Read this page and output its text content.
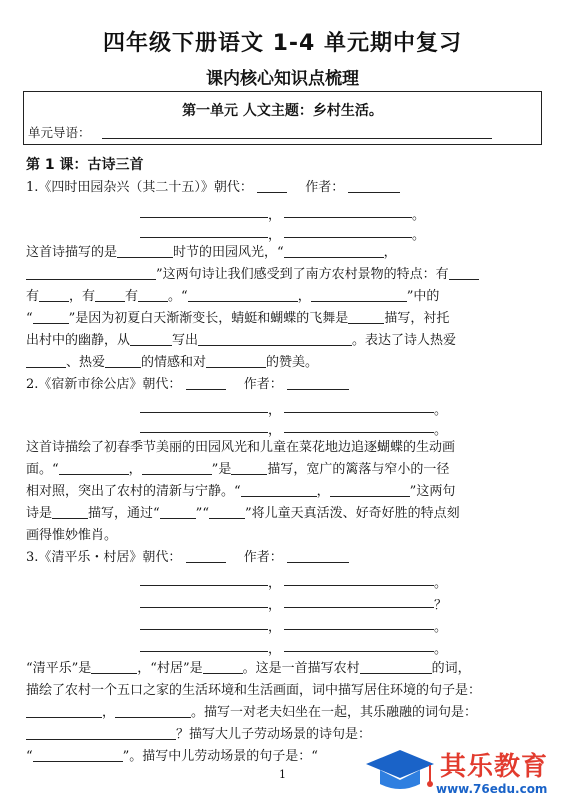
四年级下册语文 1-4 单元期中复习
课内核心知识点梳理
第一单元 人文主题：乡村生活。
单元导语：
第 1 课：古诗三首
1.《四时田园杂兴（其二十五）》朝代：	作者：
，	。
，	。
这首诗描写的是	时节的田园风光，“	，
”这两句诗让我们感受到了南方农村景物的特点：有
有 ，有 有 。“	，	”中的
“	”是因为初夏白天渐渐变长，蜻蜓和蝴蝶的飞舞是	描写，衬托
出村中的幽静，从	写出	。表达了诗人热爱
、热爱	的情感和对	的赞美。
2.《宿新市徐公店》朝代：	作者：
，	。
，	。
这首诗描绘了初春季节美丽的田园风光和儿童在菜花地边追逐蝴蝶的生动画
面。“	，	”是	描写，宽广的篱落与窄小的一径
相对照，突出了农村的清新与宁静。“	，	”这两句
诗是	描写，通过“	”“	”将儿童天真活泼、好奇好胜的特点刻
画得惟妙惟肖。
3.《清平乐・村居》朝代：	作者：
，	。
，	？
，	。
，	。
“清平乐”是	，“村居”是	。这是一首描写农村	的词，
描绘了农村一个五口之家的生活环境和生活画面，词中描写居住环境的句子是：
，	。描写一对老夫妇坐在一起，其乐融融的词句是：
？描写大儿子劳动场景的诗句是：
“	”。描写中儿劳动场景的句子是：“
1	其乐教育
www.76edu.com
